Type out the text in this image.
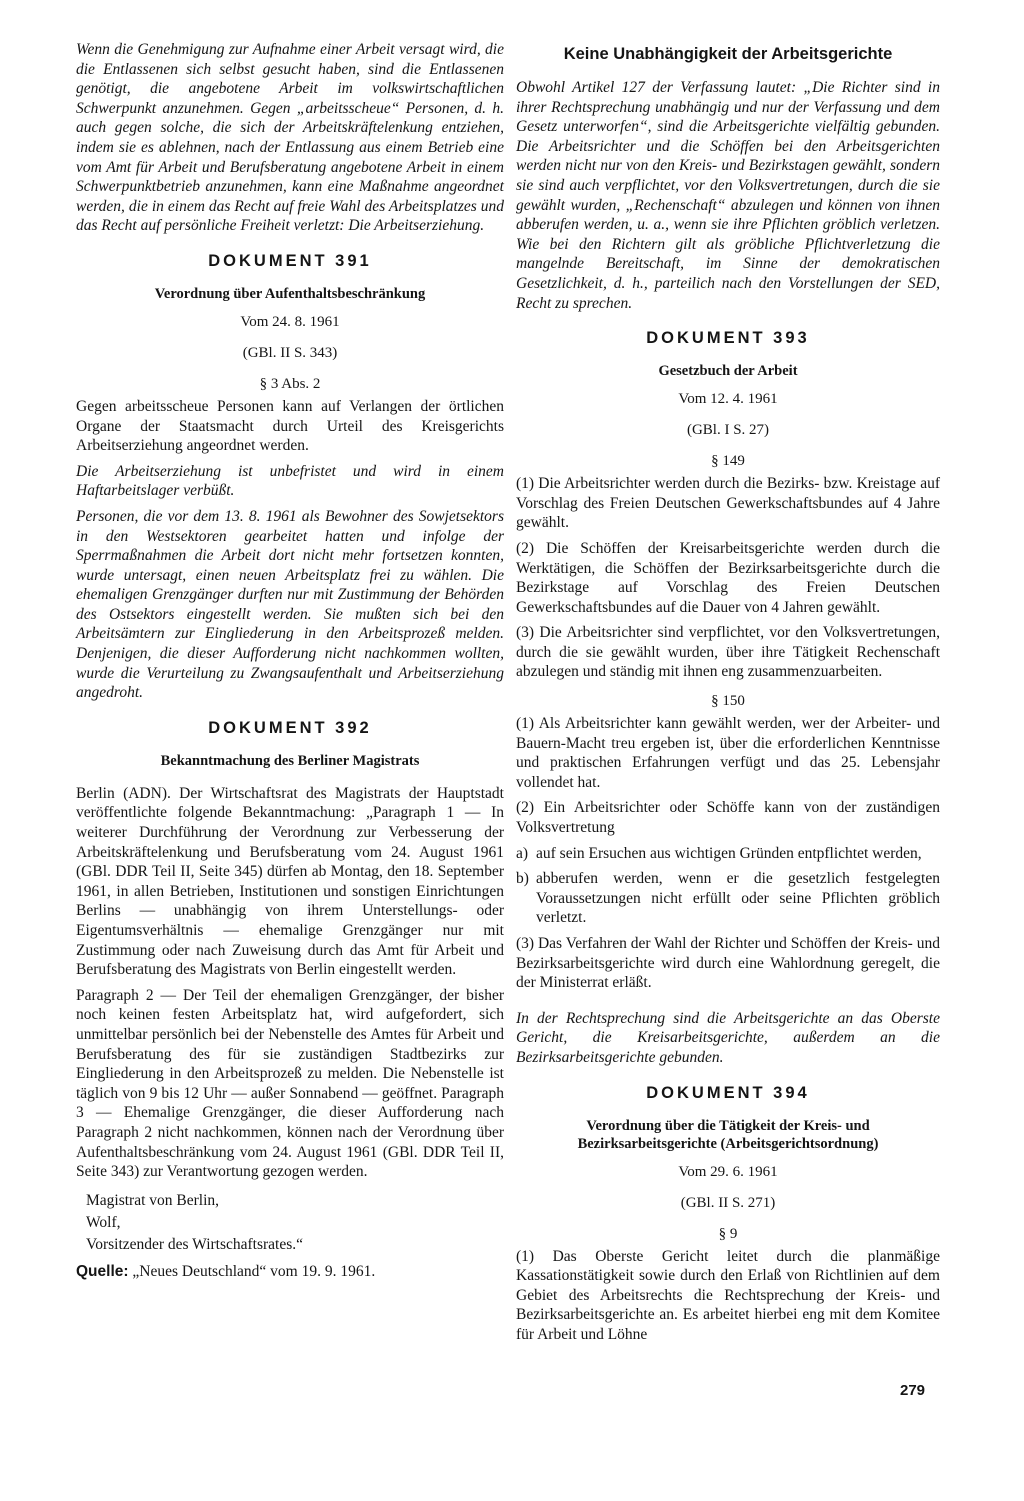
Wenn die Genehmigung zur Aufnahme einer Arbeit versagt wird, die die Entlassenen sich selbst gesucht haben, sind die Entlassenen genötigt, die angebotene Arbeit im volkswirtschaftlichen Schwerpunkt anzunehmen. Gegen „arbeitsscheue“ Personen, d. h. auch gegen solche, die sich der Arbeitskräftelenkung entziehen, indem sie es ablehnen, nach der Entlassung aus einem Betrieb eine vom Amt für Arbeit und Berufsberatung angebotene Arbeit in einem Schwerpunktbetrieb anzunehmen, kann eine Maßnahme angeordnet werden, die in einem das Recht auf freie Wahl des Arbeitsplatzes und das Recht auf persönliche Freiheit verletzt: Die Arbeitserziehung.

DOKUMENT 391
Verordnung über Aufenthaltsbeschränkung
Vom 24. 8. 1961
(GBl. II S. 343)
§ 3 Abs. 2

Gegen arbeitsscheue Personen kann auf Verlangen der örtlichen Organe der Staatsmacht durch Urteil des Kreisgerichts Arbeitserziehung angeordnet werden.

Die Arbeitserziehung ist unbefristet und wird in einem Haftarbeitslager verbüßt.

Personen, die vor dem 13. 8. 1961 als Bewohner des Sowjetsektors in den Westsektoren gearbeitet hatten und infolge der Sperrmaßnahmen die Arbeit dort nicht mehr fortsetzen konnten, wurde untersagt, einen neuen Arbeitsplatz frei zu wählen. Die ehemaligen Grenzgänger durften nur mit Zustimmung der Behörden des Ostsektors eingestellt werden. Sie mußten sich bei den Arbeitsämtern zur Eingliederung in den Arbeitsprozeß melden. Denjenigen, die dieser Aufforderung nicht nachkommen wollten, wurde die Verurteilung zu Zwangsaufenthalt und Arbeitserziehung angedroht.

DOKUMENT 392
Bekanntmachung des Berliner Magistrats

Berlin (ADN). Der Wirtschaftsrat des Magistrats der Hauptstadt veröffentlichte folgende Bekanntmachung: „Paragraph 1 — In weiterer Durchführung der Verordnung zur Verbesserung der Arbeitskräftelenkung und Berufsberatung vom 24. August 1961 (GBl. DDR Teil II, Seite 345) dürfen ab Montag, den 18. September 1961, in allen Betrieben, Institutionen und sonstigen Einrichtungen Berlins — unabhängig von ihrem Unterstellungs- oder Eigentumsverhältnis — ehemalige Grenzgänger nur mit Zustimmung oder nach Zuweisung durch das Amt für Arbeit und Berufsberatung des Magistrats von Berlin eingestellt werden.

Paragraph 2 — Der Teil der ehemaligen Grenzgänger, der bisher noch keinen festen Arbeitsplatz hat, wird aufgefordert, sich unmittelbar persönlich bei der Nebenstelle des Amtes für Arbeit und Berufsberatung des für sie zuständigen Stadtbezirks zur Eingliederung in den Arbeitsprozeß zu melden. Die Nebenstelle ist täglich von 9 bis 12 Uhr — außer Sonnabend — geöffnet. Paragraph 3 — Ehemalige Grenzgänger, die dieser Aufforderung nach Paragraph 2 nicht nachkommen, können nach der Verordnung über Aufenthaltsbeschränkung vom 24. August 1961 (GBl. DDR Teil II, Seite 343) zur Verantwortung gezogen werden.

Magistrat von Berlin,
Wolf,
Vorsitzender des Wirtschaftsrates.“
Quelle: „Neues Deutschland“ vom 19. 9. 1961.
Keine Unabhängigkeit der Arbeitsgerichte

Obwohl Artikel 127 der Verfassung lautet: „Die Richter sind in ihrer Rechtsprechung unabhängig und nur der Verfassung und dem Gesetz unterworfen“, sind die Arbeitsgerichte vielfältig gebunden. Die Arbeitsrichter und die Schöffen bei den Arbeitsgerichten werden nicht nur von den Kreis- und Bezirkstagen gewählt, sondern sie sind auch verpflichtet, vor den Volksvertretungen, durch die sie gewählt wurden, „Rechenschaft“ abzulegen und können von ihnen abberufen werden, u. a., wenn sie ihre Pflichten gröblich verletzen. Wie bei den Richtern gilt als gröbliche Pflichtverletzung die mangelnde Bereitschaft, im Sinne der demokratischen Gesetzlichkeit, d. h., parteilich nach den Vorstellungen der SED, Recht zu sprechen.

DOKUMENT 393
Gesetzbuch der Arbeit
Vom 12. 4. 1961
(GBl. I S. 27)
§ 149

(1) Die Arbeitsrichter werden durch die Bezirks- bzw. Kreistage auf Vorschlag des Freien Deutschen Gewerkschaftsbundes auf 4 Jahre gewählt.

(2) Die Schöffen der Kreisarbeitsgerichte werden durch die Werktätigen, die Schöffen der Bezirksarbeitsgerichte durch die Bezirkstage auf Vorschlag des Freien Deutschen Gewerkschaftsbundes auf die Dauer von 4 Jahren gewählt.

(3) Die Arbeitsrichter sind verpflichtet, vor den Volksvertretungen, durch die sie gewählt wurden, über ihre Tätigkeit Rechenschaft abzulegen und ständig mit ihnen eng zusammenzuarbeiten.

§ 150

(1) Als Arbeitsrichter kann gewählt werden, wer der Arbeiter- und Bauern-Macht treu ergeben ist, über die erforderlichen Kenntnisse und praktischen Erfahrungen verfügt und das 25. Lebensjahr vollendet hat.

(2) Ein Arbeitsrichter oder Schöffe kann von der zuständigen Volksvertretung

a) auf sein Ersuchen aus wichtigen Gründen entpflichtet werden,
b) abberufen werden, wenn er die gesetzlich festgelegten Voraussetzungen nicht erfüllt oder seine Pflichten gröblich verletzt.

(3) Das Verfahren der Wahl der Richter und Schöffen der Kreis- und Bezirksarbeitsgerichte wird durch eine Wahlordnung geregelt, die der Ministerrat erläßt.

In der Rechtsprechung sind die Arbeitsgerichte an das Oberste Gericht, die Kreisarbeitsgerichte, außerdem an die Bezirksarbeitsgerichte gebunden.

DOKUMENT 394
Verordnung über die Tätigkeit der Kreis- und Bezirksarbeitsgerichte (Arbeitsgerichtsordnung)
Vom 29. 6. 1961
(GBl. II S. 271)
§ 9

(1) Das Oberste Gericht leitet durch die planmäßige Kassationstätigkeit sowie durch den Erlaß von Richtlinien auf dem Gebiet des Arbeitsrechts die Rechtsprechung der Kreis- und Bezirksarbeitsgerichte an. Es arbeitet hierbei eng mit dem Komitee für Arbeit und Löhne

279
